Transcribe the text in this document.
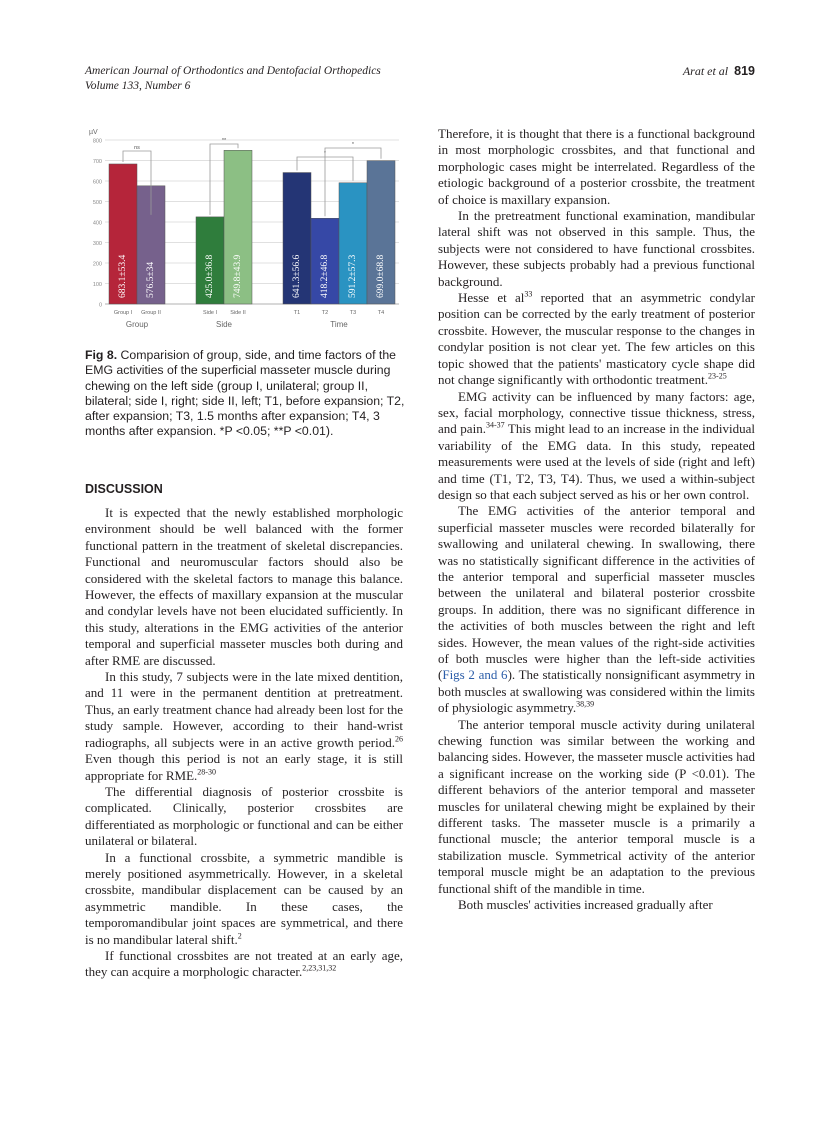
American Journal of Orthodontics and Dentofacial Orthopedics
Volume 133, Number 6
Arat et al 819
800
700
600
500
400
300
200
100
0
µV
683.1±53.4
Group I
576.5±34
Group II
Group
425.0±36.8
Side I
749.8±43.9
Side II
Side
641.3±56.6
T1
418.2±46.8
T2
591.2±57.3
T3
699.0±68.8
T4
Time
ns
**
*
*
Fig 8. Comparision of group, side, and time factors of the EMG activities of the superficial masseter muscle during chewing on the left side (group I, unilateral; group II, bilateral; side I, right; side II, left; T1, before expansion; T2, after expansion; T3, 1.5 months after expansion; T4, 3 months after expansion. *P <0.05; **P <0.01).
DISCUSSION

It is expected that the newly established morphologic environment should be well balanced with the former functional pattern in the treatment of skeletal discrepancies. Functional and neuromuscular factors should also be considered with the skeletal factors to manage this balance. However, the effects of maxillary expansion at the muscular and condylar levels have not been elucidated sufficiently. In this study, alterations in the EMG activities of the anterior temporal and superficial masseter muscles both during and after RME are discussed.

In this study, 7 subjects were in the late mixed dentition, and 11 were in the permanent dentition at pretreatment. Thus, an early treatment chance had already been lost for the study sample. However, according to their hand-wrist radiographs, all subjects were in an active growth period.$^{26}$ Even though this period is not an early stage, it is still appropriate for RME.$^{28-30}$

The differential diagnosis of posterior crossbite is complicated. Clinically, posterior crossbites are differentiated as morphologic or functional and can be either unilateral or bilateral.

In a functional crossbite, a symmetric mandible is merely positioned asymmetrically. However, in a skeletal crossbite, mandibular displacement can be caused by an asymmetric mandible. In these cases, the temporomandibular joint spaces are symmetrical, and there is no mandibular lateral shift.$^2$

If functional crossbites are not treated at an early age, they can acquire a morphologic character.$^{2,23,31,32}$

Therefore, it is thought that there is a functional background in most morphologic crossbites, and that functional and morphologic cases might be interrelated. Regardless of the etiologic background of a posterior crossbite, the treatment of choice is maxillary expansion.

In the pretreatment functional examination, mandibular lateral shift was not observed in this sample. Thus, the subjects were not considered to have functional crossbites. However, these subjects probably had a previous functional background.

Hesse et $al^{33}$ reported that an asymmetric condylar position can be corrected by the early treatment of posterior crossbite. However, the muscular response to the changes in condylar position is not clear yet. The few articles on this topic showed that the patients' masticatory cycle shape did not change significantly with orthodontic treatment.$^{23-25}$

EMG activity can be influenced by many factors: age, sex, facial morphology, connective tissue thickness, stress, and pain.$^{34-37}$ This might lead to an increase in the individual variability of the EMG data. In this study, repeated measurements were used at the levels of side (right and left) and time (T1, T2, T3, T4). Thus, we used a within-subject design so that each subject served as his or her own control.

The EMG activities of the anterior temporal and superficial masseter muscles were recorded bilaterally for swallowing and unilateral chewing. In swallowing, there was no statistically significant difference in the activities of the anterior temporal and superficial masseter muscles between the unilateral and bilateral posterior crossbite groups. In addition, there was no significant difference in the activities of both muscles between the right and left sides. However, the mean values of the right-side activities of both muscles were higher than the left-side activities (Figs 2 and 6). The statistically nonsignificant asymmetry in both muscles at swallowing was considered within the limits of physiologic asymmetry.$^{38,39}$

The anterior temporal muscle activity during unilateral chewing function was similar between the working and balancing sides. However, the masseter muscle activities had a significant increase on the working side (P <0.01). The different behaviors of the anterior temporal and masseter muscles for unilateral chewing might be explained by their different tasks. The masseter muscle is a primarily a functional muscle; the anterior temporal muscle is a stabilization muscle. Symmetrical activity of the anterior temporal muscle might be an adaptation to the previous functional shift of the mandible in time.

Both muscles' activities increased gradually after
